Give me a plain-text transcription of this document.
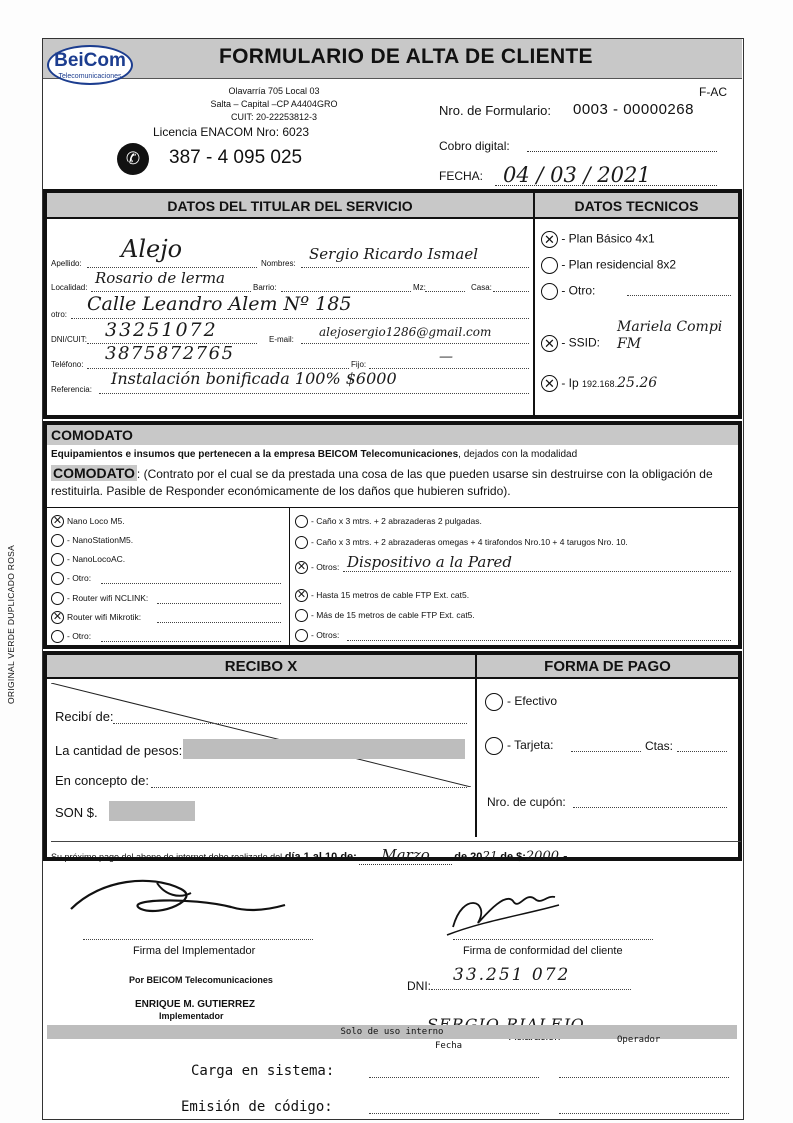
BeiCom
Telecomunicaciones
FORMULARIO DE ALTA DE CLIENTE
Olavarría 705 Local 03
Salta – Capital –CP A4404GRO
CUIT: 20-22253812-3
Licencia ENACOM Nro: 6023
✆	387 - 4 095 025
F-AC
Nro. de Formulario: 0003 - 00000268
Cobro digital:
FECHA: 04 / 03 / 2021
DATOS DEL TITULAR DEL SERVICIO	DATOS TECNICOS
Apellido:
Alejo
Nombres:
Sergio Ricardo Ismael
Localidad:
Rosario de lerma
Barrio:	Mz:	Casa:
otro: Calle Leandro Alem Nº 185
DNI/CUIT: 33251072	E-mail:
alejosergio1286@gmail.com
Teléfono:
3875872765
Fijo:	—
Referencia:
Instalación bonificada 100% $6000
✕ - Plan Básico 4x1
- Plan residencial 8x2
- Otro:
✕ - SSID:
Mariela Compi FM
✕ - Ip 192.168.25.26
COMODATO
Equipamientos e insumos que pertenecen a la empresa BEICOM Telecomunicaciones, dejados con la modalidad
COMODATO : (Contrato por el cual se da prestada una cosa de las que pueden usarse sin destruirse con la obligación de restituirla. Pasible de Responder económicamente de los daños que hubieren sufrido).
✕ Nano Loco M5.
- NanoStationM5.
- NanoLocoAC.
- Otro:
- Router wifi NCLINK:
✕ Router wifi Mikrotik:
- Otro:
- Caño x 3 mtrs. + 2 abrazaderas 2 pulgadas.
- Caño x 3 mtrs. + 2 abrazaderas omegas + 4 tirafondos Nro.10 + 4 tarugos Nro. 10.
✕ - Otros: Dispositivo a la Pared
✕ - Hasta 15 metros de cable FTP Ext. cat5.
- Más de 15 metros de cable FTP Ext. cat5.
- Otros:
RECIBO X	FORMA DE PAGO
Recibí de:
La cantidad de pesos:
En concepto de:
SON $.
- Efectivo
- Tarjeta:	Ctas:
Nro. de cupón:
Su próximo pago del abono de internet debe realizarlo del día 1 al 10 de: Marzo de 2021 de $:2000 -
Firma del Implementador
Por BEICOM Telecomunicaciones
ENRIQUE M. GUTIERREZ
Implementador
Firma de conformidad del cliente
DNI:
33.251 072
Solo de uso interno
Fecha
Operador
Carga en sistema:
Emisión de código:
ORIGINAL VERDE DUPLICADO ROSA
